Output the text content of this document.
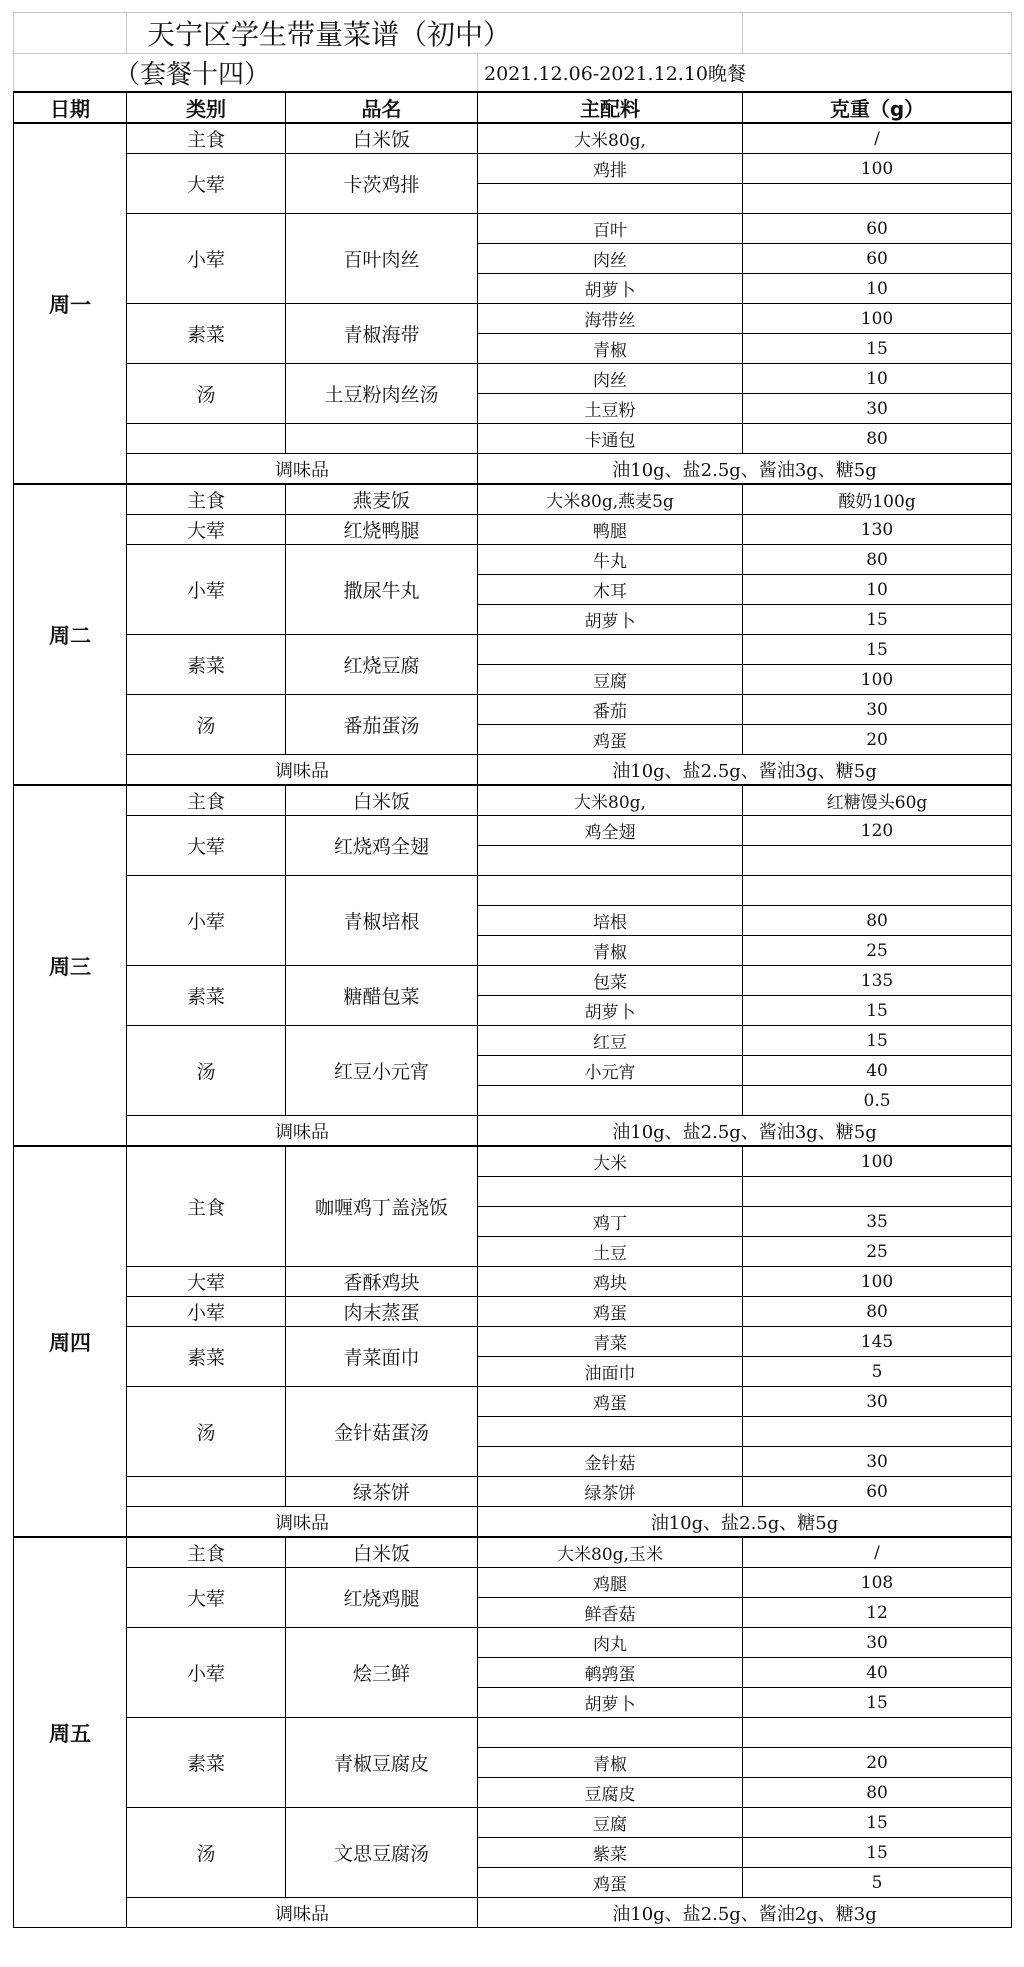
	天宁区学生带量菜谱（初中）			
（套餐十四）			2021.12.06-2021.12.10晚餐	
日期	类别	品名	主配料	克重（g）
周一	主食	白米饭	大米80g,	/
	大荤	卡茨鸡排	鸡排	100

	小荤	百叶肉丝	百叶	60
			肉丝	60
			胡萝卜	10
	素菜	青椒海带	海带丝	100
			青椒	15
	汤	土豆粉肉丝汤	肉丝	10
			土豆粉	30
			卡通包	80
	调味品		油10g、盐2.5g、酱油3g、糖5g	
周二	主食	燕麦饭	大米80g,燕麦5g	酸奶100g
	大荤	红烧鸭腿	鸭腿	130
	小荤	撒尿牛丸	牛丸	80
			木耳	10
			胡萝卜	15
	素菜	红烧豆腐		15
			豆腐	100
	汤	番茄蛋汤	番茄	30
			鸡蛋	20
	调味品		油10g、盐2.5g、酱油3g、糖5g	
周三	主食	白米饭	大米80g,	红糖馒头60g
	大荤	红烧鸡全翅	鸡全翅	120

	小荤	青椒培根		
			培根	80
			青椒	25
	素菜	糖醋包菜	包菜	135
			胡萝卜	15
	汤	红豆小元宵	红豆	15
			小元宵	40
				0.5
	调味品		油10g、盐2.5g、酱油3g、糖5g	
周四	主食	咖喱鸡丁盖浇饭	大米	100

			鸡丁	35
			土豆	25
	大荤	香酥鸡块	鸡块	100
	小荤	肉末蒸蛋	鸡蛋	80
	素菜	青菜面巾	青菜	145
			油面巾	5
	汤	金针菇蛋汤	鸡蛋	30

			金针菇	30
		绿茶饼	绿茶饼	60
	调味品		油10g、盐2.5g、糖5g	
周五	主食	白米饭	大米80g,玉米	/
	大荤	红烧鸡腿	鸡腿	108
			鲜香菇	12
	小荤	烩三鲜	肉丸	30
			鹌鹑蛋	40
			胡萝卜	15
	素菜	青椒豆腐皮		
			青椒	20
			豆腐皮	80
	汤	文思豆腐汤	豆腐	15
			紫菜	15
			鸡蛋	5
	调味品		油10g、盐2.5g、酱油2g、糖3g	
